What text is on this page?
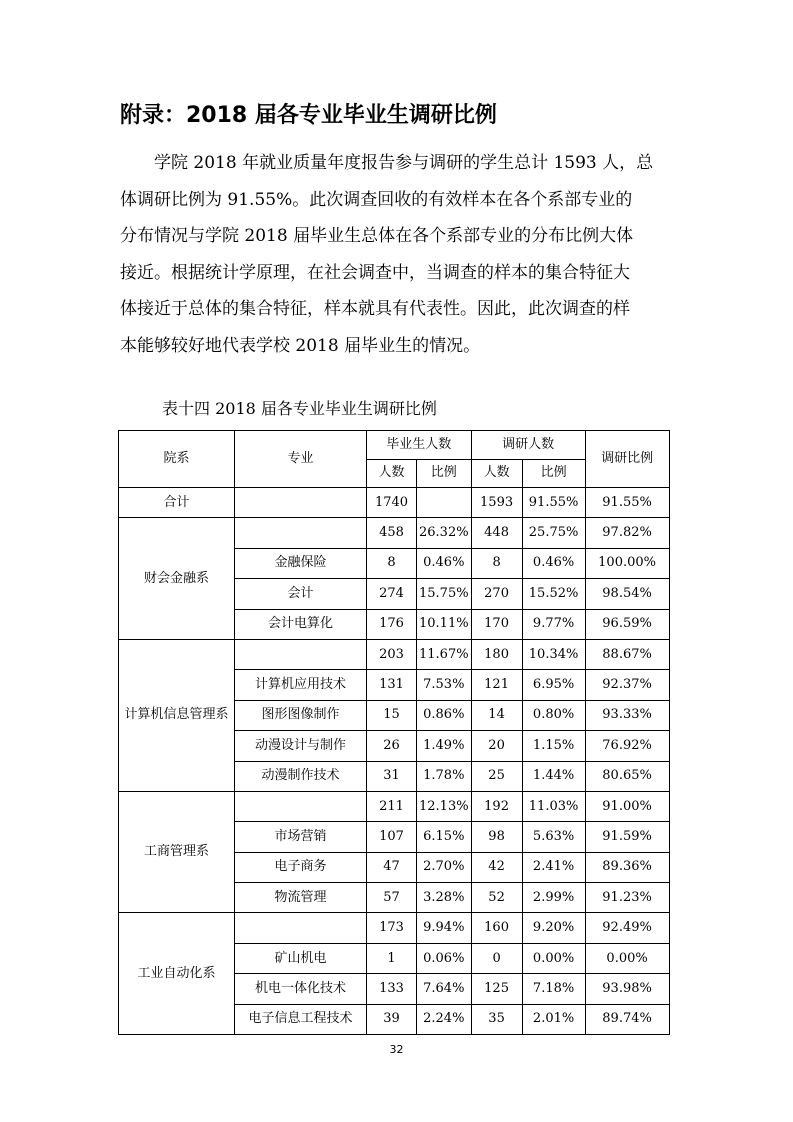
附录：2018 届各专业毕业生调研比例
学院 2018 年就业质量年度报告参与调研的学生总计 1593 人，总
体调研比例为 91.55%。此次调查回收的有效样本在各个系部专业的
分布情况与学院 2018 届毕业生总体在各个系部专业的分布比例大体
接近。根据统计学原理，在社会调查中，当调查的样本的集合特征大
体接近于总体的集合特征，样本就具有代表性。因此，此次调查的样
本能够较好地代表学校 2018 届毕业生的情况。
表十四 2018 届各专业毕业生调研比例
院系	专业	毕业生人数		调研人数		调研比例
		人数	比例	人数	比例	
合计		1740		1593	91.55%	91.55%
财会金融系		458	26.32%	448	25.75%	97.82%
	金融保险	8	0.46%	8	0.46%	100.00%
	会计	274	15.75%	270	15.52%	98.54%
	会计电算化	176	10.11%	170	9.77%	96.59%
计算机信息管理系		203	11.67%	180	10.34%	88.67%
	计算机应用技术	131	7.53%	121	6.95%	92.37%
	图形图像制作	15	0.86%	14	0.80%	93.33%
	动漫设计与制作	26	1.49%	20	1.15%	76.92%
	动漫制作技术	31	1.78%	25	1.44%	80.65%
工商管理系		211	12.13%	192	11.03%	91.00%
	市场营销	107	6.15%	98	5.63%	91.59%
	电子商务	47	2.70%	42	2.41%	89.36%
	物流管理	57	3.28%	52	2.99%	91.23%
工业自动化系		173	9.94%	160	9.20%	92.49%
	矿山机电	1	0.06%	0	0.00%	0.00%
	机电一体化技术	133	7.64%	125	7.18%	93.98%
	电子信息工程技术	39	2.24%	35	2.01%	89.74%
32
